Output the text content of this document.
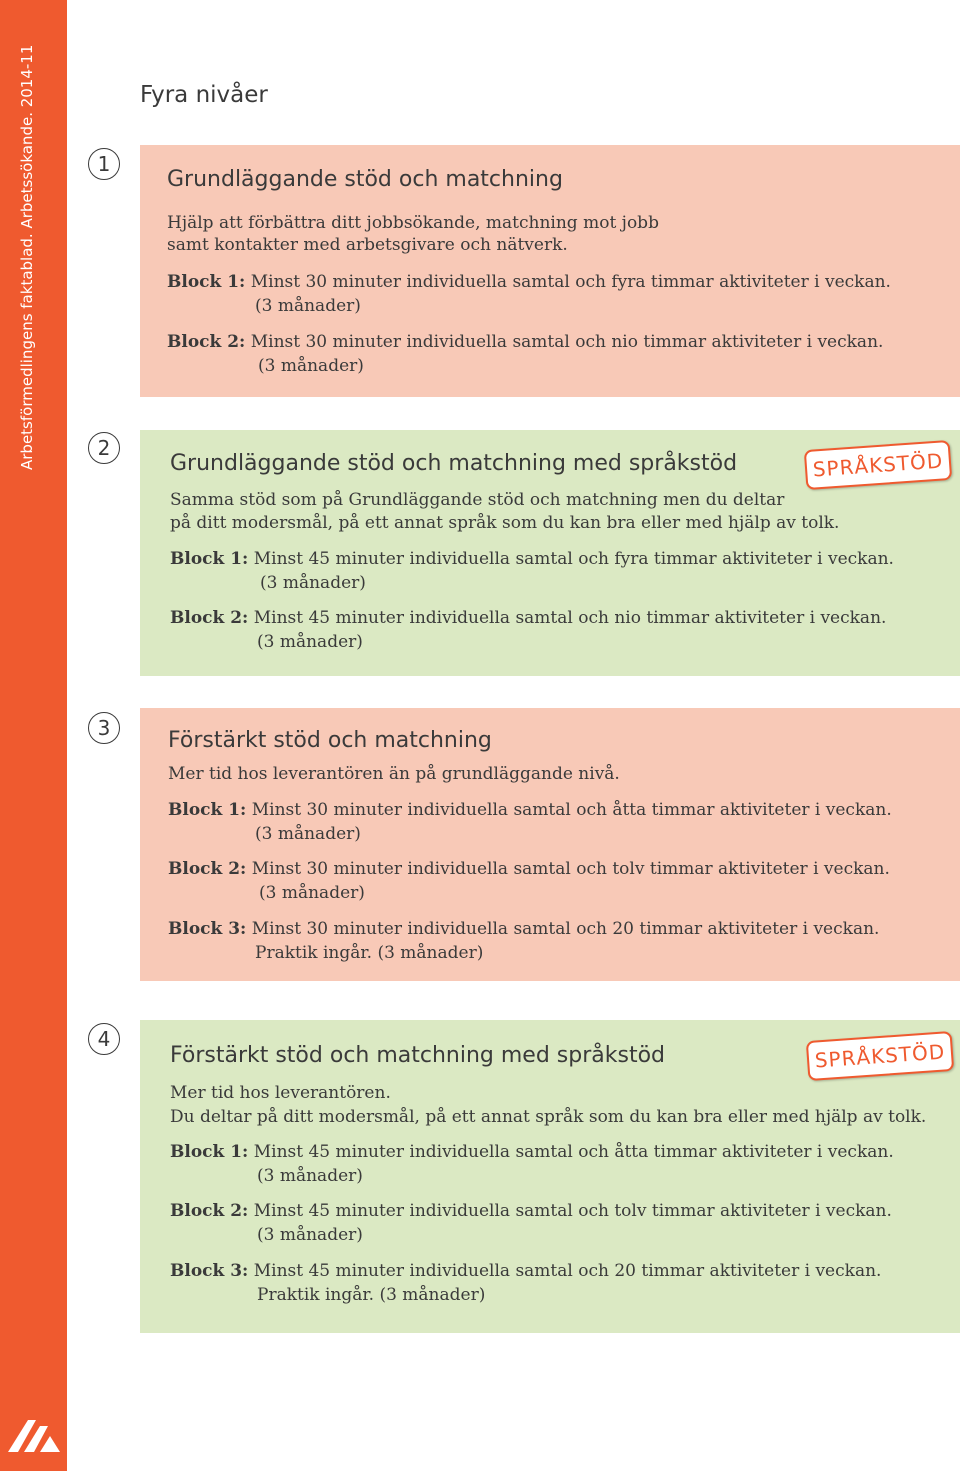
Arbetsförmedlingens faktablad. Arbetssökande. 2014-11	Fyra nivåer
1
Grundläggande stöd och matchning
Hjälp att förbättra ditt jobbsökande, matchning mot jobb
samt kontakter med arbetsgivare och nätverk.
Block 1: Minst 30 minuter individuella samtal och fyra timmar aktiviteter i veckan.
(3 månader)
Block 2: Minst 30 minuter individuella samtal och nio timmar aktiviteter i veckan.
(3 månader)
2
Grundläggande stöd och matchning med språkstöd	SPRÅKSTÖD
Samma stöd som på Grundläggande stöd och matchning men du deltar
på ditt modersmål, på ett annat språk som du kan bra eller med hjälp av tolk.
Block 1: Minst 45 minuter individuella samtal och fyra timmar aktiviteter i veckan.
(3 månader)
Block 2: Minst 45 minuter individuella samtal och nio timmar aktiviteter i veckan.
(3 månader)
3	Förstärkt stöd och matchning
Mer tid hos leverantören än på grundläggande nivå.
Block 1: Minst 30 minuter individuella samtal och åtta timmar aktiviteter i veckan.
(3 månader)
Block 2: Minst 30 minuter individuella samtal och tolv timmar aktiviteter i veckan.
(3 månader)
Block 3: Minst 30 minuter individuella samtal och 20 timmar aktiviteter i veckan.
Praktik ingår. (3 månader)
4
Förstärkt stöd och matchning med språkstöd	SPRÅKSTÖD
Mer tid hos leverantören.
Du deltar på ditt modersmål, på ett annat språk som du kan bra eller med hjälp av tolk.
Block 1: Minst 45 minuter individuella samtal och åtta timmar aktiviteter i veckan.
(3 månader)
Block 2: Minst 45 minuter individuella samtal och tolv timmar aktiviteter i veckan.
(3 månader)
Block 3: Minst 45 minuter individuella samtal och 20 timmar aktiviteter i veckan.
Praktik ingår. (3 månader)
